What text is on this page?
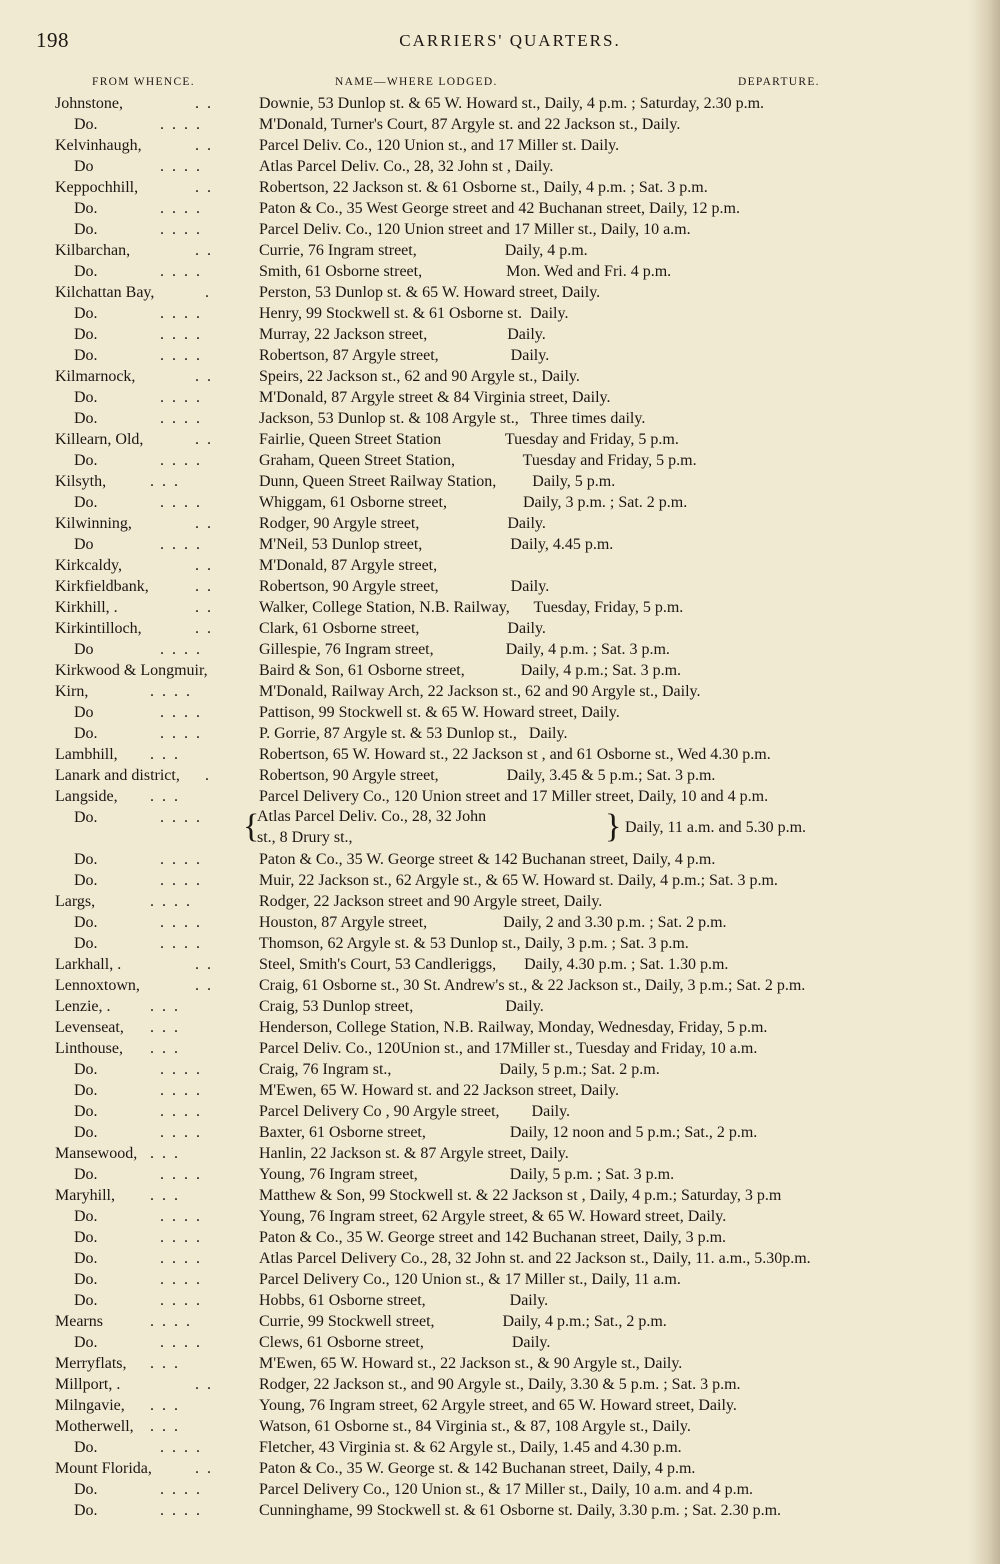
198	CARRIERS' QUARTERS.
FROM WHENCE.	NAME—WHERE LODGED.	DEPARTURE.
Johnstone,	. .	Downie, 53 Dunlop st. & 65 W. Howard st., Daily, 4 p.m. ; Saturday, 2.30 p.m.
Do.	. . . .	M'Donald, Turner's Court, 87 Argyle st. and 22 Jackson st., Daily.
Kelvinhaugh,	. .	Parcel Deliv. Co., 120 Union st., and 17 Miller st. Daily.
Do	. . . .	Atlas Parcel Deliv. Co., 28, 32 John st , Daily.
Keppochhill,	. .	Robertson, 22 Jackson st. & 61 Osborne st., Daily, 4 p.m. ; Sat. 3 p.m.
Do.	. . . .	Paton & Co., 35 West George street and 42 Buchanan street, Daily, 12 p.m.
Do.	. . . .	Parcel Deliv. Co., 120 Union street and 17 Miller st., Daily, 10 a.m.
Kilbarchan,	. .	Currie, 76 Ingram street,                      Daily, 4 p.m.
Do.	. . . .	Smith, 61 Osborne street,                     Mon. Wed and Fri. 4 p.m.
Kilchattan Bay,	.	Perston, 53 Dunlop st. & 65 W. Howard street, Daily.
Do.	. . . .	Henry, 99 Stockwell st. & 61 Osborne st.  Daily.
Do.	. . . .	Murray, 22 Jackson street,                    Daily.
Do.	. . . .	Robertson, 87 Argyle street,                  Daily.
Kilmarnock,	. .	Speirs, 22 Jackson st., 62 and 90 Argyle st., Daily.
Do.	. . . .	M'Donald, 87 Argyle street & 84 Virginia street, Daily.
Do.	. . . .	Jackson, 53 Dunlop st. & 108 Argyle st.,   Three times daily.
Killearn, Old,	. .	Fairlie, Queen Street Station                Tuesday and Friday, 5 p.m.
Do.	. . . .	Graham, Queen Street Station,                 Tuesday and Friday, 5 p.m.
Kilsyth,	. . .	Dunn, Queen Street Railway Station,         Daily, 5 p.m.
Do.	. . . .	Whiggam, 61 Osborne street,                   Daily, 3 p.m. ; Sat. 2 p.m.
Kilwinning,	. .	Rodger, 90 Argyle street,                      Daily.
Do	. . . .	M'Neil, 53 Dunlop street,                      Daily, 4.45 p.m.
Kirkcaldy,	. .	M'Donald, 87 Argyle street,
Kirkfieldbank,	. .	Robertson, 90 Argyle street,                  Daily.
Kirkhill, .	. .	Walker, College Station, N.B. Railway,      Tuesday, Friday, 5 p.m.
Kirkintilloch,	. .	Clark, 61 Osborne street,                      Daily.
Do	. . . .	Gillespie, 76 Ingram street,                  Daily, 4 p.m. ; Sat. 3 p.m.
Kirkwood & Longmuir,	Baird & Son, 61 Osborne street,              Daily, 4 p.m.; Sat. 3 p.m.
Kirn,	. . . .	M'Donald, Railway Arch, 22 Jackson st., 62 and 90 Argyle st., Daily.
Do	. . . .	Pattison, 99 Stockwell st. & 65 W. Howard street, Daily.
Do.	. . . .	P. Gorrie, 87 Argyle st. & 53 Dunlop st.,   Daily.
Lambhill, . . .	Robertson, 65 W. Howard st., 22 Jackson st , and 61 Osborne st., Wed 4.30 p.m.
Lanark and district, .	Robertson, 90 Argyle street,                 Daily, 3.45 & 5 p.m.; Sat. 3 p.m.
Langside, . . .	Parcel Delivery Co., 120 Union street and 17 Miller street, Daily, 10 and 4 p.m.
Do.	. . . . {
Atlas Parcel Deliv. Co., 28, 32 John
st., 8 Drury st.,	} Daily, 11 a.m. and 5.30 p.m.
Do.	. . . .	Paton & Co., 35 W. George street & 142 Buchanan street, Daily, 4 p.m.
Do.	. . . .	Muir, 22 Jackson st., 62 Argyle st., & 65 W. Howard st. Daily, 4 p.m.; Sat. 3 p.m.
Largs,	. . . .	Rodger, 22 Jackson street and 90 Argyle street, Daily.
Do.	. . . .	Houston, 87 Argyle street,                   Daily, 2 and 3.30 p.m. ; Sat. 2 p.m.
Do.	. . . .	Thomson, 62 Argyle st. & 53 Dunlop st., Daily, 3 p.m. ; Sat. 3 p.m.
Larkhall, .	. .	Steel, Smith's Court, 53 Candleriggs,       Daily, 4.30 p.m. ; Sat. 1.30 p.m.
Lennoxtown,	. .	Craig, 61 Osborne st., 30 St. Andrew's st., & 22 Jackson st., Daily, 3 p.m.; Sat. 2 p.m.
Lenzie, . . . .	Craig, 53 Dunlop street,                       Daily.
Levenseat, . . .	Henderson, College Station, N.B. Railway, Monday, Wednesday, Friday, 5 p.m.
Linthouse, . . .	Parcel Deliv. Co., 120Union st., and 17Miller st., Tuesday and Friday, 10 a.m.
Do.	. . . .	Craig, 76 Ingram st.,                           Daily, 5 p.m.; Sat. 2 p.m.
Do.	. . . .	M'Ewen, 65 W. Howard st. and 22 Jackson street, Daily.
Do.	. . . .	Parcel Delivery Co , 90 Argyle street,        Daily.
Do.	. . . .	Baxter, 61 Osborne street,                     Daily, 12 noon and 5 p.m.; Sat., 2 p.m.
Mansewood, . . .	Hanlin, 22 Jackson st. & 87 Argyle street, Daily.
Do.	. . . .	Young, 76 Ingram street,                       Daily, 5 p.m. ; Sat. 3 p.m.
Maryhill, . . .	Matthew & Son, 99 Stockwell st. & 22 Jackson st , Daily, 4 p.m.; Saturday, 3 p.m
Do.	. . . .	Young, 76 Ingram street, 62 Argyle street, & 65 W. Howard street, Daily.
Do.	. . . .	Paton & Co., 35 W. George street and 142 Buchanan street, Daily, 3 p.m.
Do.	. . . .	Atlas Parcel Delivery Co., 28, 32 John st. and 22 Jackson st., Daily, 11. a.m., 5.30p.m.
Do.	. . . .	Parcel Delivery Co., 120 Union st., & 17 Miller st., Daily, 11 a.m.
Do.	. . . .	Hobbs, 61 Osborne street,                     Daily.
Mearns	. . . .	Currie, 99 Stockwell street,                 Daily, 4 p.m.; Sat., 2 p.m.
Do.	. . . .	Clews, 61 Osborne street,                      Daily.
Merryflats, . . .	M'Ewen, 65 W. Howard st., 22 Jackson st., & 90 Argyle st., Daily.
Millport, .	. .	Rodger, 22 Jackson st., and 90 Argyle st., Daily, 3.30 & 5 p.m. ; Sat. 3 p.m.
Milngavie, . . .	Young, 76 Ingram street, 62 Argyle street, and 65 W. Howard street, Daily.
Motherwell, . . .	Watson, 61 Osborne st., 84 Virginia st., & 87, 108 Argyle st., Daily.
Do.	. . . .	Fletcher, 43 Virginia st. & 62 Argyle st., Daily, 1.45 and 4.30 p.m.
Mount Florida,	. .	Paton & Co., 35 W. George st. & 142 Buchanan street, Daily, 4 p.m.
Do.	. . . .	Parcel Delivery Co., 120 Union st., & 17 Miller st., Daily, 10 a.m. and 4 p.m.
Do.	. . . .	Cunninghame, 99 Stockwell st. & 61 Osborne st. Daily, 3.30 p.m. ; Sat. 2.30 p.m.
